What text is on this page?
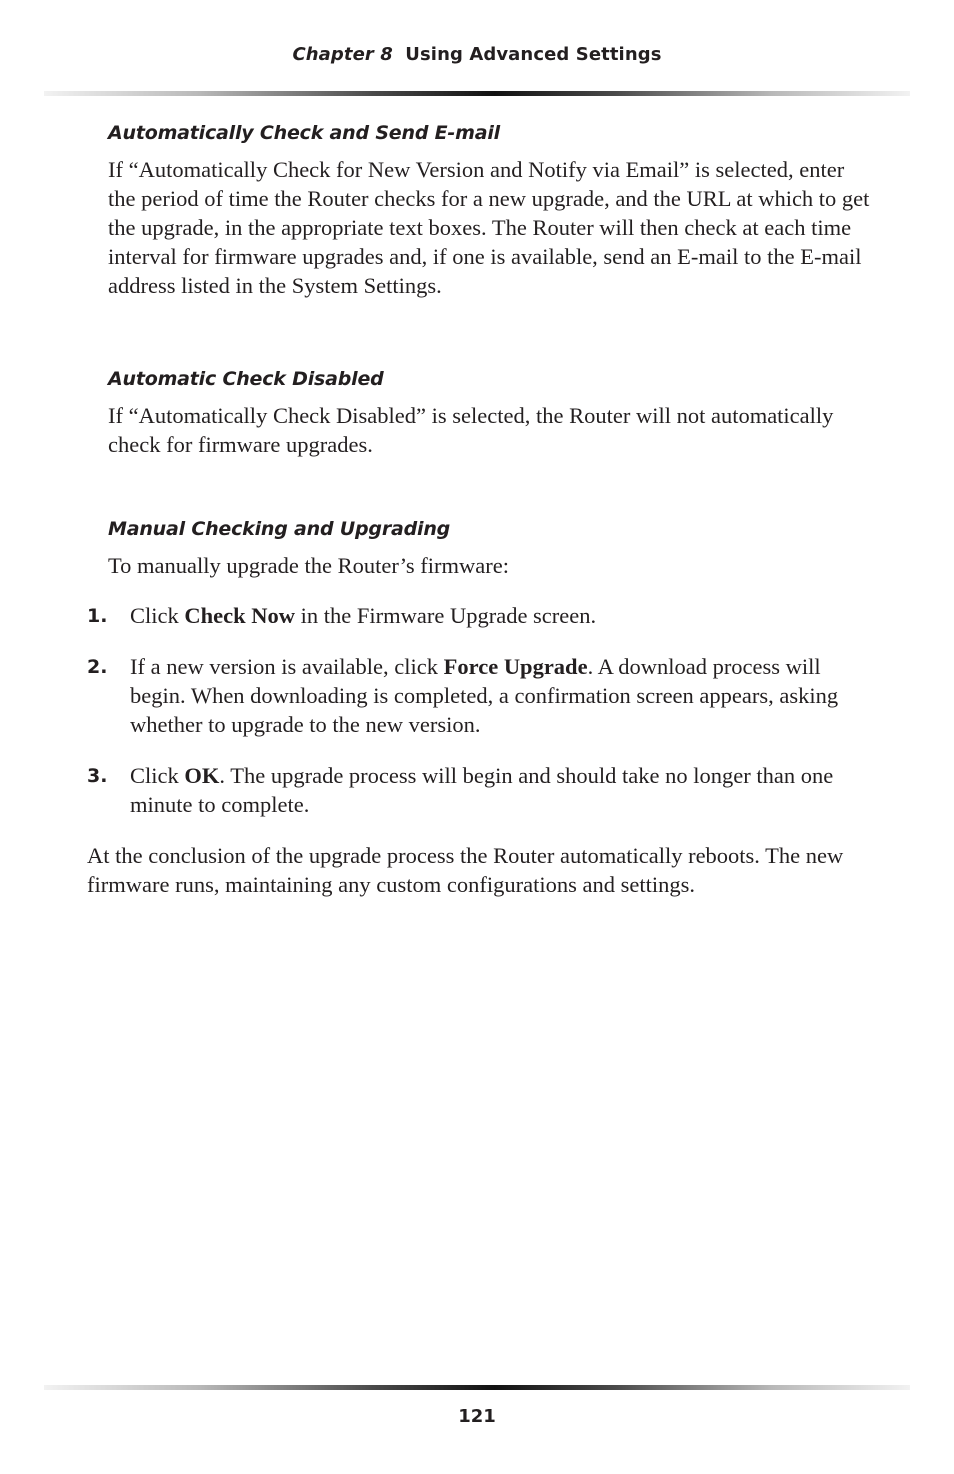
Chapter 8 Using Advanced Settings
Automatically Check and Send E-mail

If “Automatically Check for New Version and Notify via Email” is selected, enter the period of time the Router checks for a new upgrade, and the URL at which to get the upgrade, in the appropriate text boxes. The Router will then check at each time interval for firmware upgrades and, if one is available, send an E-mail to the E-mail address listed in the System Settings.

Automatic Check Disabled

If “Automatically Check Disabled” is selected, the Router will not automatically check for firmware upgrades.

Manual Checking and Upgrading

To manually upgrade the Router’s firmware:

1. Click Check Now in the Firmware Upgrade screen.
2. If a new version is available, click Force Upgrade. A download process will begin. When downloading is completed, a confirmation screen appears, asking whether to upgrade to the new version.
3. Click OK. The upgrade process will begin and should take no longer than one minute to complete.

At the conclusion of the upgrade process the Router automatically reboots. The new firmware runs, maintaining any custom configurations and settings.

121
